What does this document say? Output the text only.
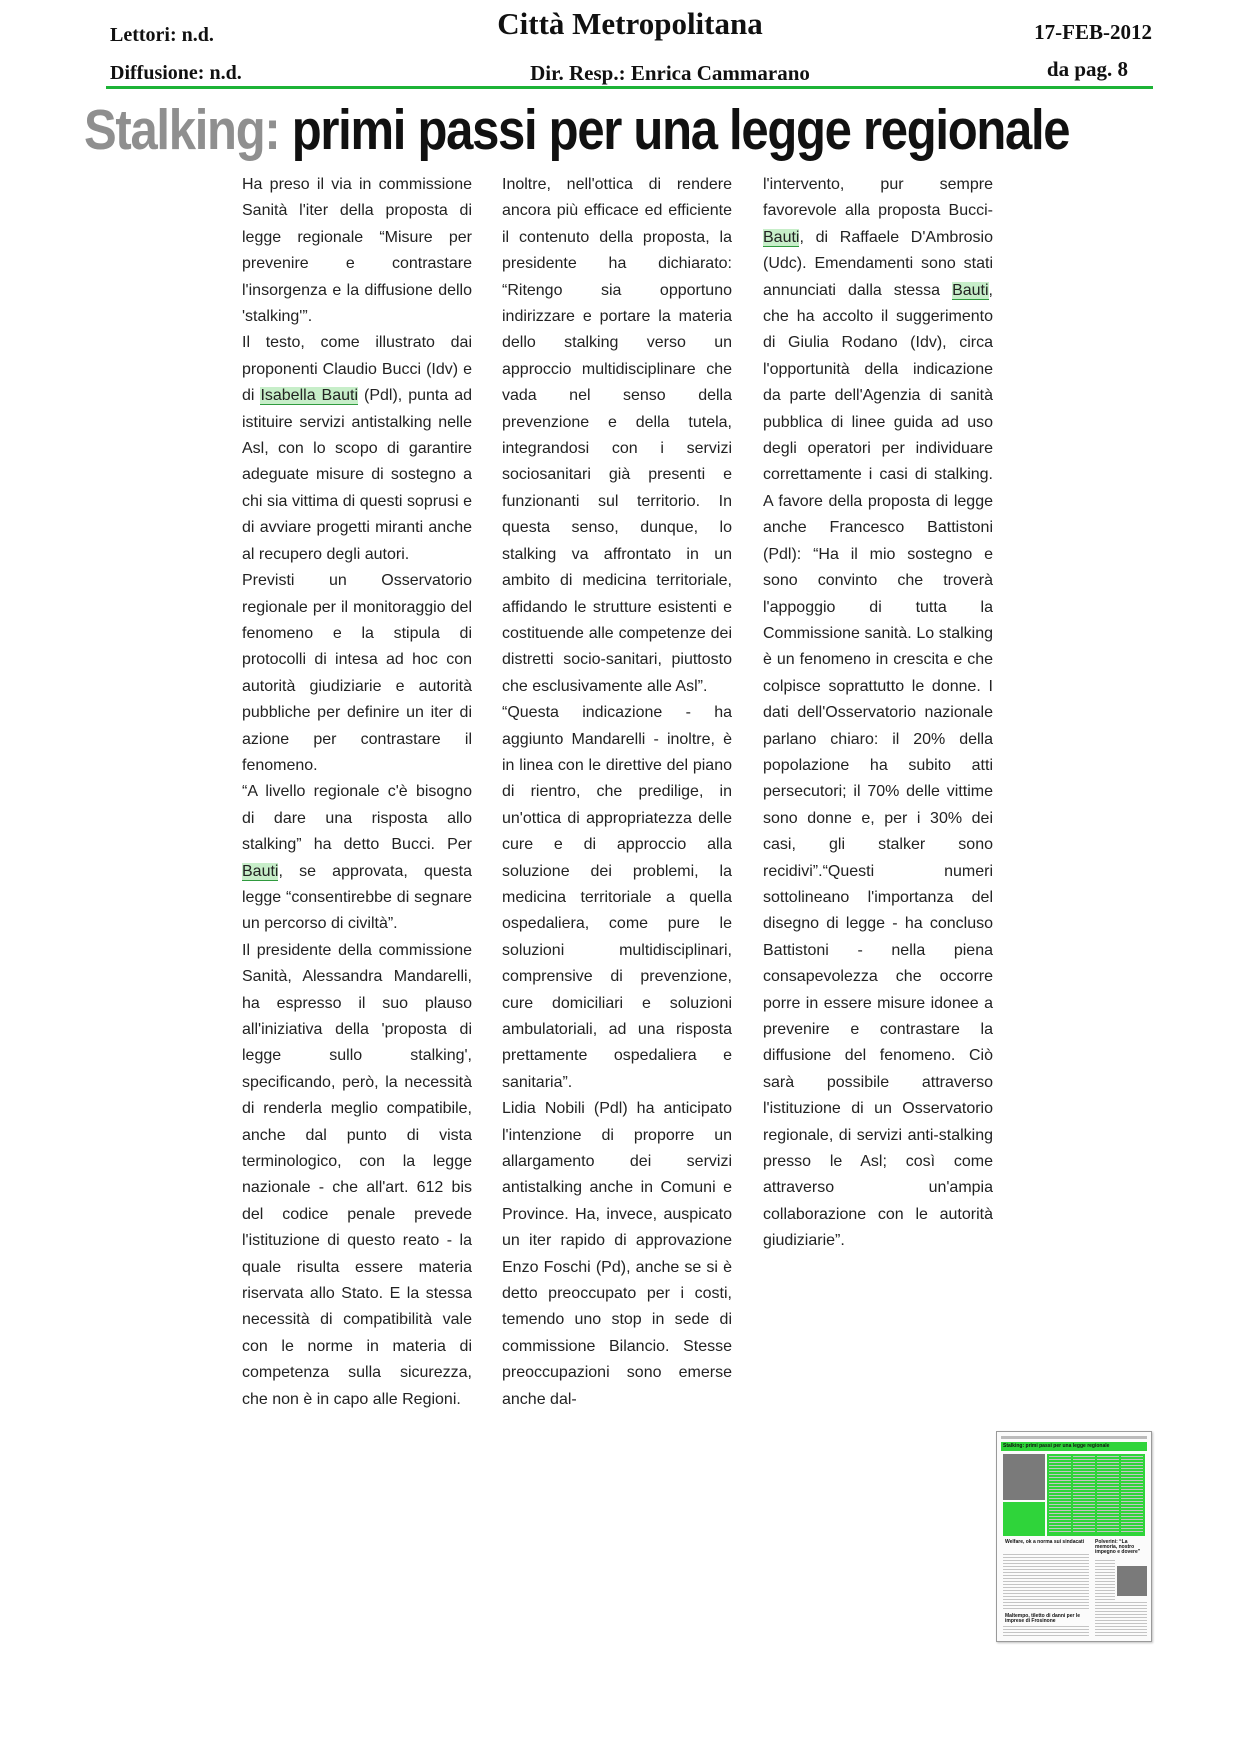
Lettori: n.d.
Diffusione: n.d.
Città Metropolitana
Dir. Resp.: Enrica Cammarano
17-FEB-2012
da pag. 8
Stalking: primi passi per una legge regionale

Ha preso il via in commissione Sanità l'iter della proposta di legge regionale “Misure per prevenire e contrastare l'insorgenza e la diffusione dello 'stalking'”.

Il testo, come illustrato dai proponenti Claudio Bucci (Idv) e di Isabella Bauti (Pdl), punta ad istituire servizi antistalking nelle Asl, con lo scopo di garantire adeguate misure di sostegno a chi sia vittima di questi soprusi e di avviare progetti miranti anche al recupero degli autori.

Previsti un Osservatorio regionale per il monitoraggio del fenomeno e la stipula di protocolli di intesa ad hoc con autorità giudiziarie e autorità pubbliche per definire un iter di azione per contrastare il fenomeno.

“A livello regionale c'è bisogno di dare una risposta allo stalking” ha detto Bucci. Per Bauti, se approvata, questa legge “consentirebbe di segnare un percorso di civiltà”.

Il presidente della commissione Sanità, Alessandra Mandarelli, ha espresso il suo plauso all'iniziativa della 'proposta di legge sullo stalking', specificando, però, la necessità di renderla meglio compatibile, anche dal punto di vista terminologico, con la legge nazionale - che all'art. 612 bis del codice penale prevede l'istituzione di questo reato - la quale risulta essere materia riservata allo Stato. E la stessa necessità di compatibilità vale con le norme in materia di competenza sulla sicurezza, che non è in capo alle Regioni.

Inoltre, nell'ottica di rendere ancora più efficace ed efficiente il contenuto della proposta, la presidente ha dichiarato: “Ritengo sia opportuno indirizzare e portare la materia dello stalking verso un approccio multidisciplinare che vada nel senso della prevenzione e della tutela, integrandosi con i servizi sociosanitari già presenti e funzionanti sul territorio. In questa senso, dunque, lo stalking va affrontato in un ambito di medicina territoriale, affidando le strutture esistenti e costituende alle competenze dei distretti socio-sanitari, piuttosto che esclusivamente alle Asl”.

“Questa indicazione - ha aggiunto Mandarelli - inoltre, è in linea con le direttive del piano di rientro, che predilige, in un'ottica di appropriatezza delle cure e di approccio alla soluzione dei problemi, la medicina territoriale a quella ospedaliera, come pure le soluzioni multidisciplinari, comprensive di prevenzione, cure domiciliari e soluzioni ambulatoriali, ad una risposta prettamente ospedaliera e sanitaria”.

Lidia Nobili (Pdl) ha anticipato l'intenzione di proporre un allargamento dei servizi antistalking anche in Comuni e Province. Ha, invece, auspicato un iter rapido di approvazione Enzo Foschi (Pd), anche se si è detto preoccupato per i costi, temendo uno stop in sede di commissione Bilancio. Stesse preoccupazioni sono emerse anche dal-

l'intervento, pur sempre favorevole alla proposta Bucci-Bauti, di Raffaele D'Ambrosio (Udc). Emendamenti sono stati annunciati dalla stessa Bauti, che ha accolto il suggerimento di Giulia Rodano (Idv), circa l'opportunità della indicazione da parte dell'Agenzia di sanità pubblica di linee guida ad uso degli operatori per individuare correttamente i casi di stalking. A favore della proposta di legge anche Francesco Battistoni (Pdl): “Ha il mio sostegno e sono convinto che troverà l'appoggio di tutta la Commissione sanità. Lo stalking è un fenomeno in crescita e che colpisce soprattutto le donne. I dati dell'Osservatorio nazionale parlano chiaro: il 20% della popolazione ha subito atti persecutori; il 70% delle vittime sono donne e, per i 30% dei casi, gli stalker sono recidivi”.“Questi numeri sottolineano l'importanza del disegno di legge - ha concluso Battistoni - nella piena consapevolezza che occorre porre in essere misure idonee a prevenire e contrastare la diffusione del fenomeno. Ciò sarà possibile attraverso l'istituzione di un Osservatorio regionale, di servizi anti-stalking presso le Asl; così come attraverso un'ampia collaborazione con le autorità giudiziarie”.

Stalking: primi passi per una legge regionale
Welfare, ok a norma sui sindacati	Polverini: “La memoria, nostro impegno e dovere”
Maltempo, tiletto di danni per le imprese di Frosinone
